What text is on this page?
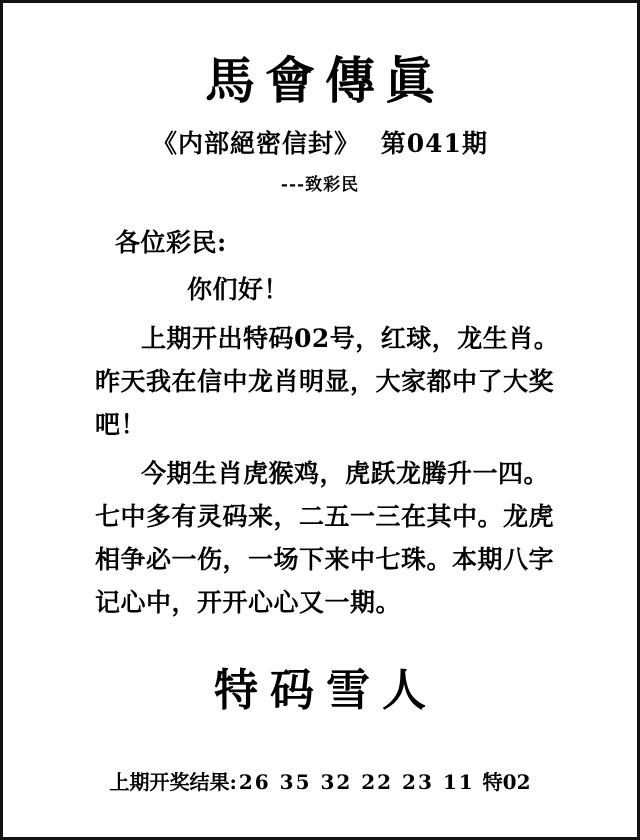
馬會傳眞
《内部絕密信封》 第041期
---致彩民

各位彩民:

你们好！

上期开出特码02号，红球，龙生肖。昨天我在信中龙肖明显，大家都中了大奖吧！

今期生肖虎猴鸡，虎跃龙腾升一四。七中多有灵码来，二五一三在其中。龙虎相争必一伤，一场下来中七珠。本期八字记心中，开开心心又一期。

特码雪人
上期开奖结果: 26 35 32 22 23 11 特02
